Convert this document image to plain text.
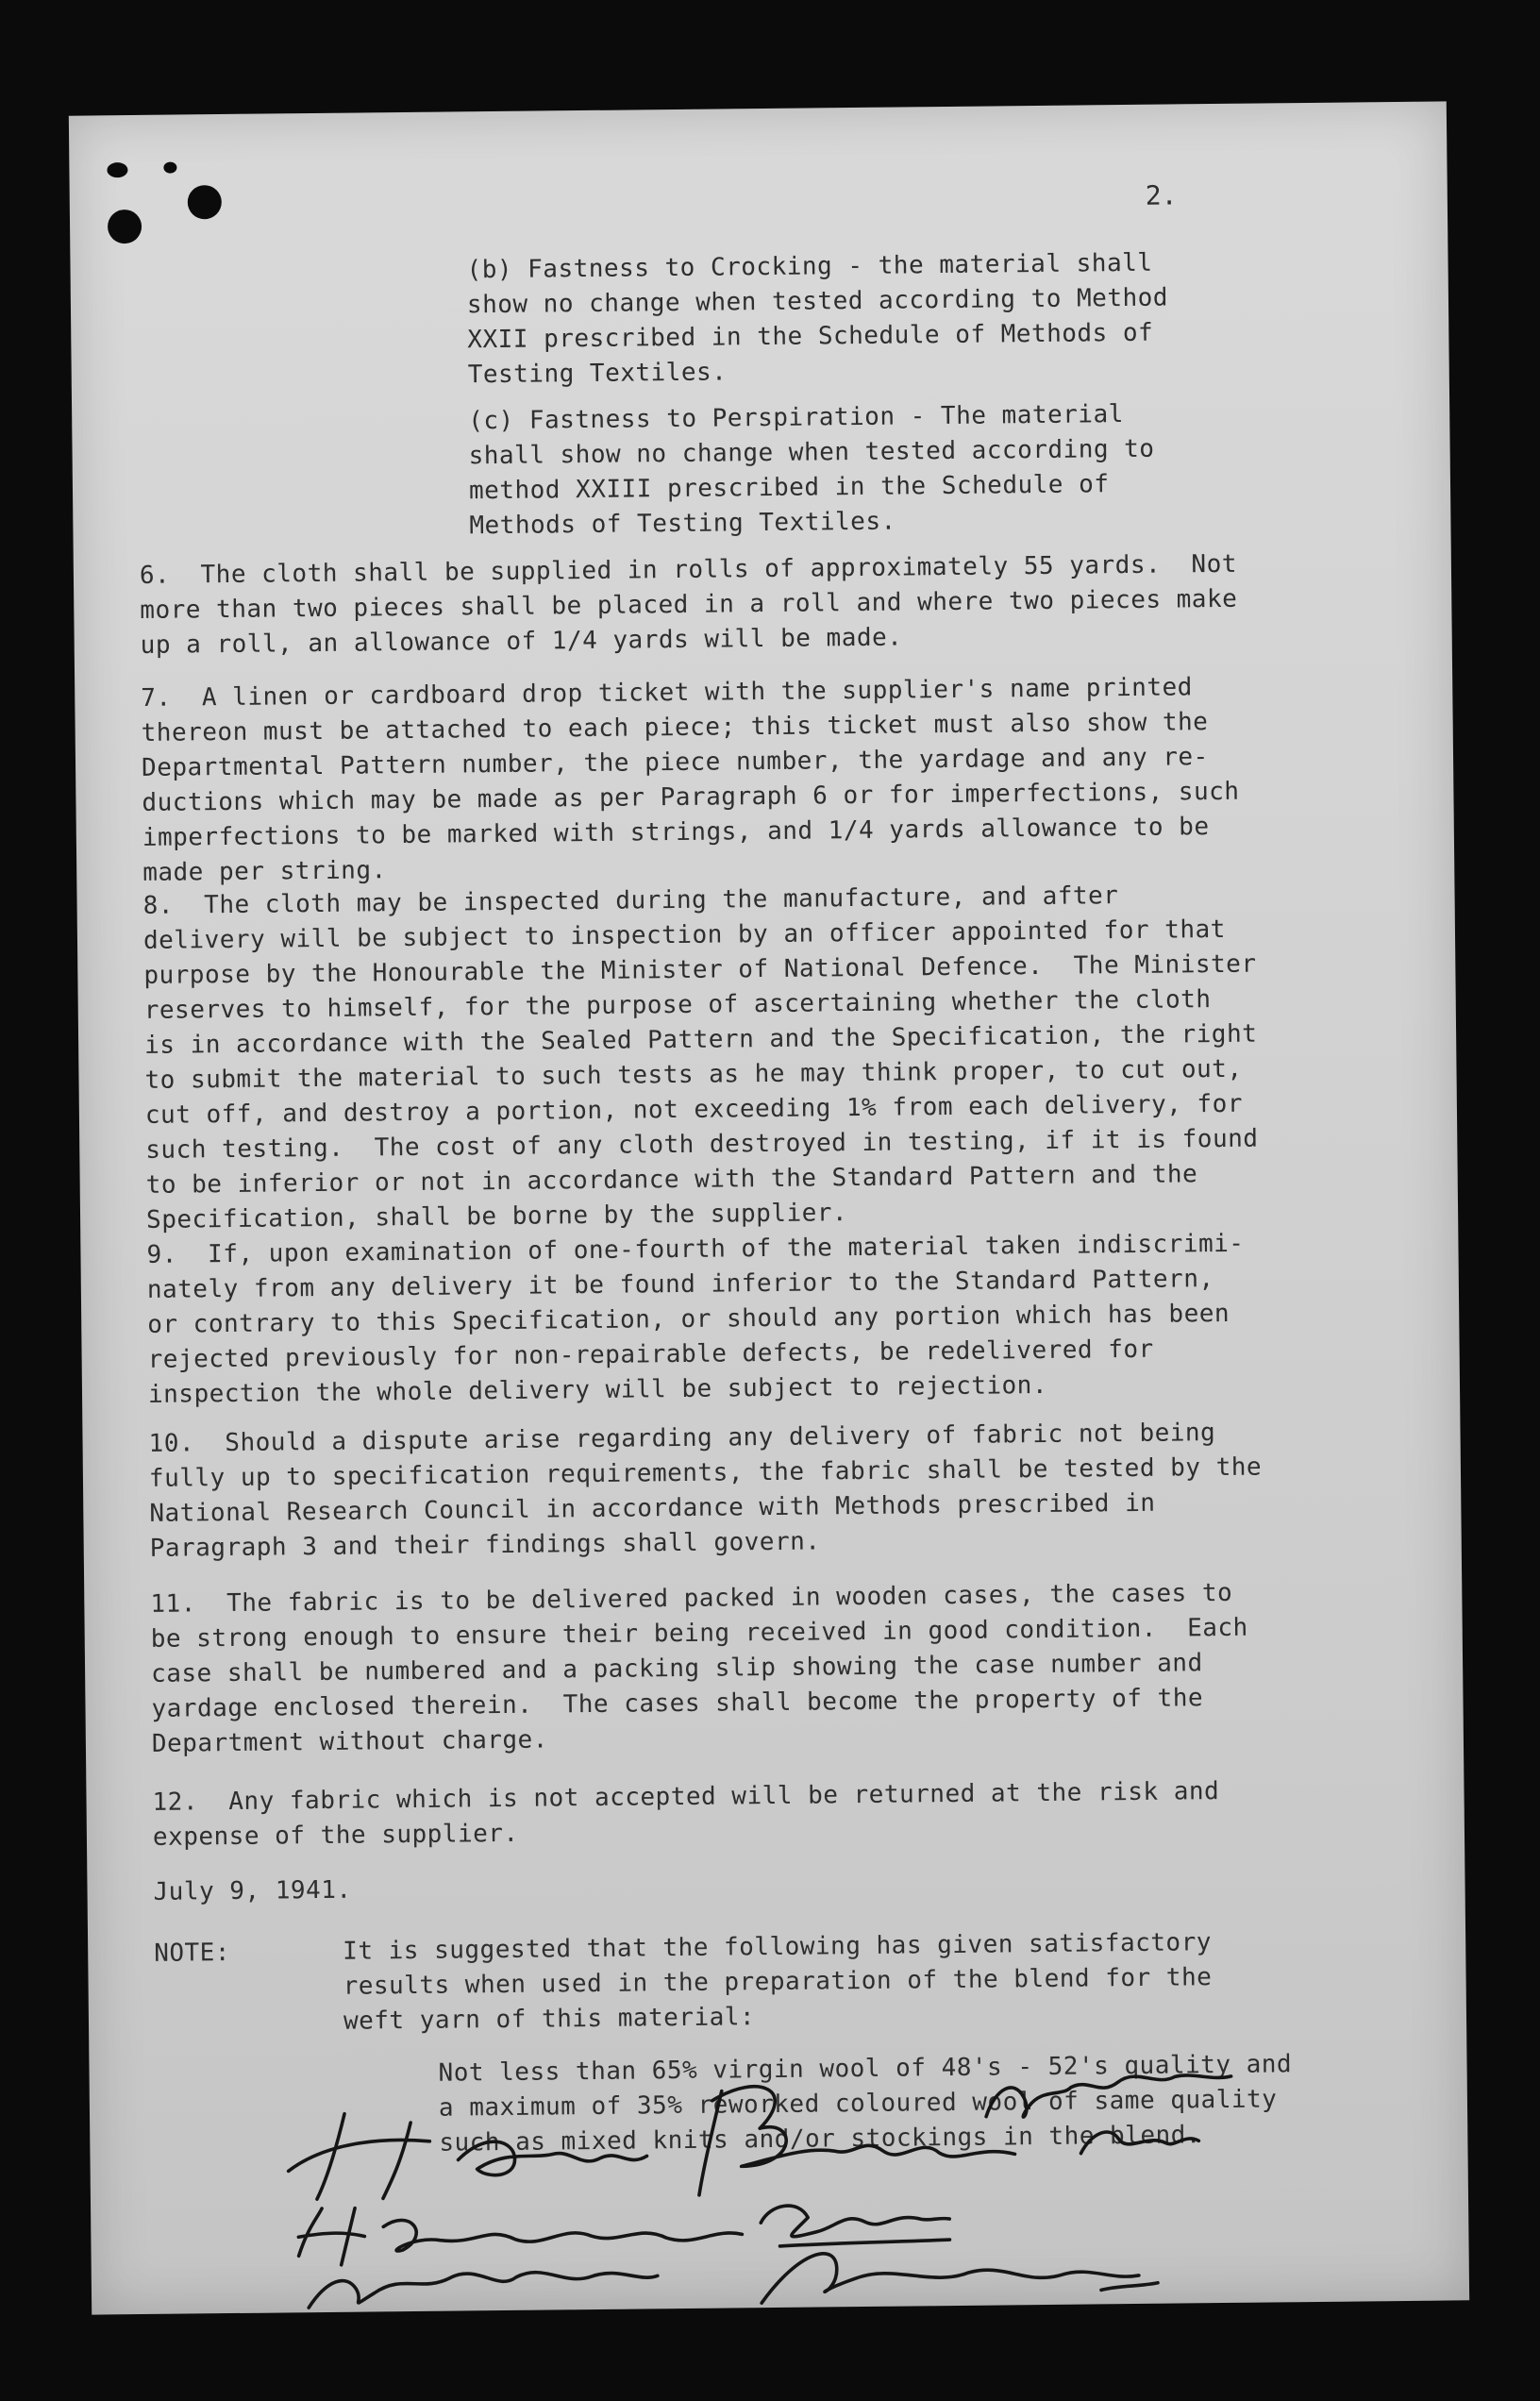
2.
(b) Fastness to Crocking - the material shall
show no change when tested according to Method
XXII prescribed in the Schedule of Methods of
Testing Textiles.
(c) Fastness to Perspiration - The material
shall show no change when tested according to
method XXIII prescribed in the Schedule of
Methods of Testing Textiles.
6.  The cloth shall be supplied in rolls of approximately 55 yards.  Not
more than two pieces shall be placed in a roll and where two pieces make
up a roll, an allowance of 1/4 yards will be made.
7.  A linen or cardboard drop ticket with the supplier's name printed
thereon must be attached to each piece; this ticket must also show the
Departmental Pattern number, the piece number, the yardage and any re-
ductions which may be made as per Paragraph 6 or for imperfections, such
imperfections to be marked with strings, and 1/4 yards allowance to be
made per string.
8.  The cloth may be inspected during the manufacture, and after
delivery will be subject to inspection by an officer appointed for that
purpose by the Honourable the Minister of National Defence.  The Minister
reserves to himself, for the purpose of ascertaining whether the cloth
is in accordance with the Sealed Pattern and the Specification, the right
to submit the material to such tests as he may think proper, to cut out,
cut off, and destroy a portion, not exceeding 1% from each delivery, for
such testing.  The cost of any cloth destroyed in testing, if it is found
to be inferior or not in accordance with the Standard Pattern and the
Specification, shall be borne by the supplier.
9.  If, upon examination of one-fourth of the material taken indiscrimi-
nately from any delivery it be found inferior to the Standard Pattern,
or contrary to this Specification, or should any portion which has been
rejected previously for non-repairable defects, be redelivered for
inspection the whole delivery will be subject to rejection.
10.  Should a dispute arise regarding any delivery of fabric not being
fully up to specification requirements, the fabric shall be tested by the
National Research Council in accordance with Methods prescribed in
Paragraph 3 and their findings shall govern.
11.  The fabric is to be delivered packed in wooden cases, the cases to
be strong enough to ensure their being received in good condition.  Each
case shall be numbered and a packing slip showing the case number and
yardage enclosed therein.  The cases shall become the property of the
Department without charge.
12.  Any fabric which is not accepted will be returned at the risk and
expense of the supplier.
July 9, 1941.
NOTE:	It is suggested that the following has given satisfactory
results when used in the preparation of the blend for the
weft yarn of this material:
Not less than 65% virgin wool of 48's - 52's quality and
a maximum of 35% reworked coloured wool of same quality
such as mixed knits and/or stockings in the blend.
